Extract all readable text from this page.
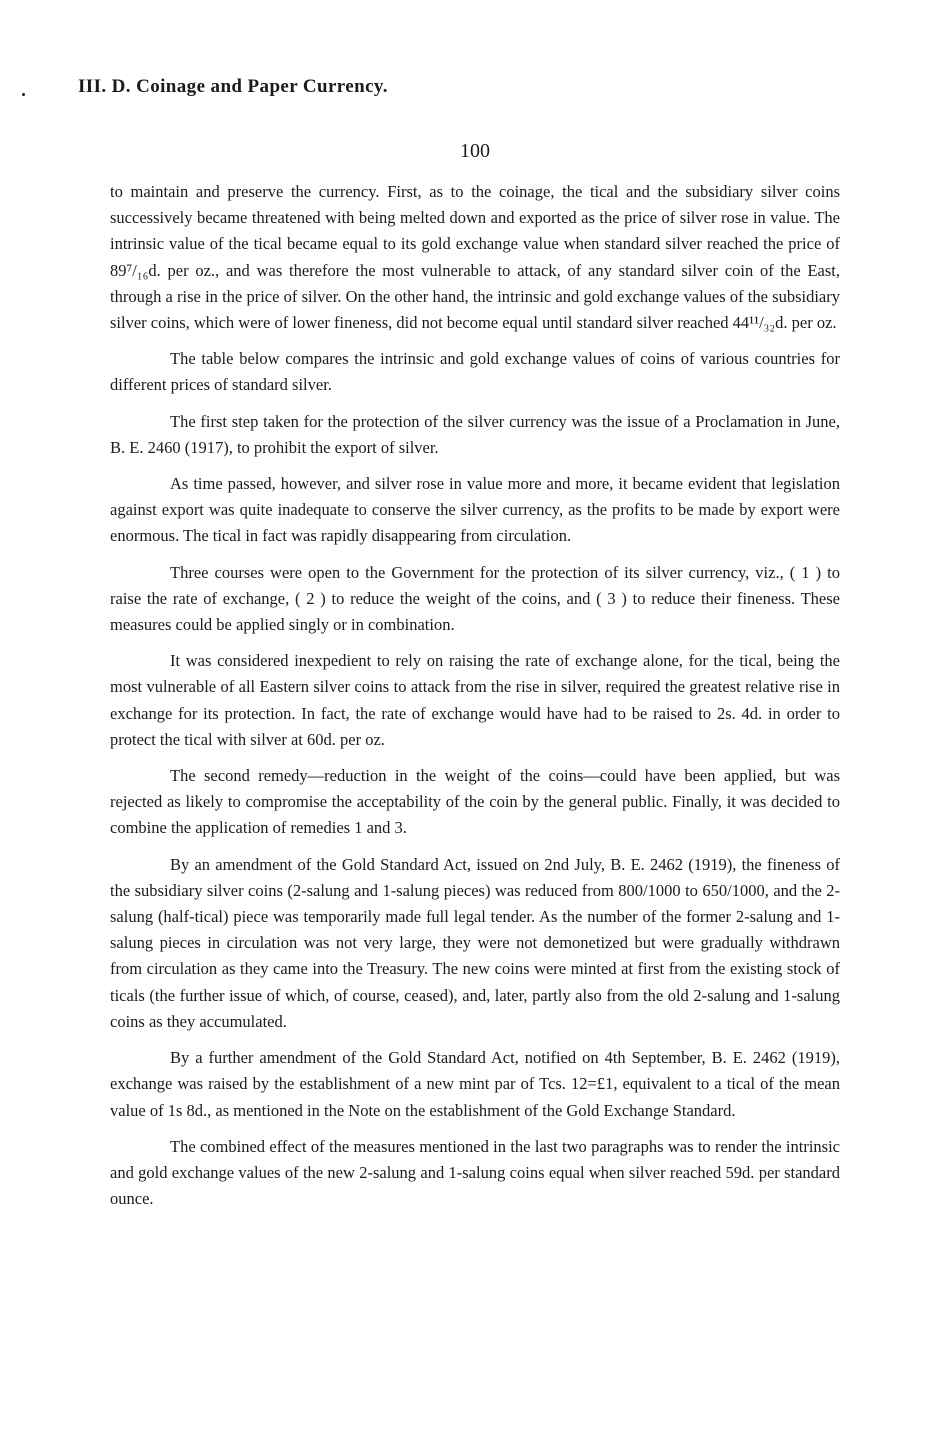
III. D. Coinage and Paper Currency.
100

to maintain and preserve the currency. First, as to the coinage, the tical and the subsidiary silver coins successively became threatened with being melted down and exported as the price of silver rose in value. The intrinsic value of the tical became equal to its gold exchange value when standard silver reached the price of 89⁷/₁₆d. per oz., and was therefore the most vulnerable to attack, of any standard silver coin of the East, through a rise in the price of silver. On the other hand, the intrinsic and gold exchange values of the subsidiary silver coins, which were of lower fineness, did not become equal until standard silver reached 44¹¹/₃₂d. per oz.

The table below compares the intrinsic and gold exchange values of coins of various countries for different prices of standard silver.

The first step taken for the protection of the silver currency was the issue of a Proclamation in June, B. E. 2460 (1917), to prohibit the export of silver.

As time passed, however, and silver rose in value more and more, it became evident that legislation against export was quite inadequate to conserve the silver currency, as the profits to be made by export were enormous. The tical in fact was rapidly disappearing from circulation.

Three courses were open to the Government for the protection of its silver currency, viz., ( 1 ) to raise the rate of exchange, ( 2 ) to reduce the weight of the coins, and ( 3 ) to reduce their fineness. These measures could be applied singly or in combination.

It was considered inexpedient to rely on raising the rate of exchange alone, for the tical, being the most vulnerable of all Eastern silver coins to attack from the rise in silver, required the greatest relative rise in exchange for its protection. In fact, the rate of exchange would have had to be raised to 2s. 4d. in order to protect the tical with silver at 60d. per oz.

The second remedy—reduction in the weight of the coins—could have been applied, but was rejected as likely to compromise the acceptability of the coin by the general public. Finally, it was decided to combine the application of remedies 1 and 3.

By an amendment of the Gold Standard Act, issued on 2nd July, B. E. 2462 (1919), the fineness of the subsidiary silver coins (2-salung and 1-salung pieces) was reduced from 800/1000 to 650/1000, and the 2-salung (half-tical) piece was temporarily made full legal tender. As the number of the former 2-salung and 1-salung pieces in circulation was not very large, they were not demonetized but were gradually withdrawn from circulation as they came into the Treasury. The new coins were minted at first from the existing stock of ticals (the further issue of which, of course, ceased), and, later, partly also from the old 2-salung and 1-salung coins as they accumulated.

By a further amendment of the Gold Standard Act, notified on 4th September, B. E. 2462 (1919), exchange was raised by the establishment of a new mint par of Tcs. 12=£1, equivalent to a tical of the mean value of 1s 8d., as mentioned in the Note on the establishment of the Gold Exchange Standard.

The combined effect of the measures mentioned in the last two paragraphs was to render the intrinsic and gold exchange values of the new 2-salung and 1-salung coins equal when silver reached 59d. per standard ounce.
